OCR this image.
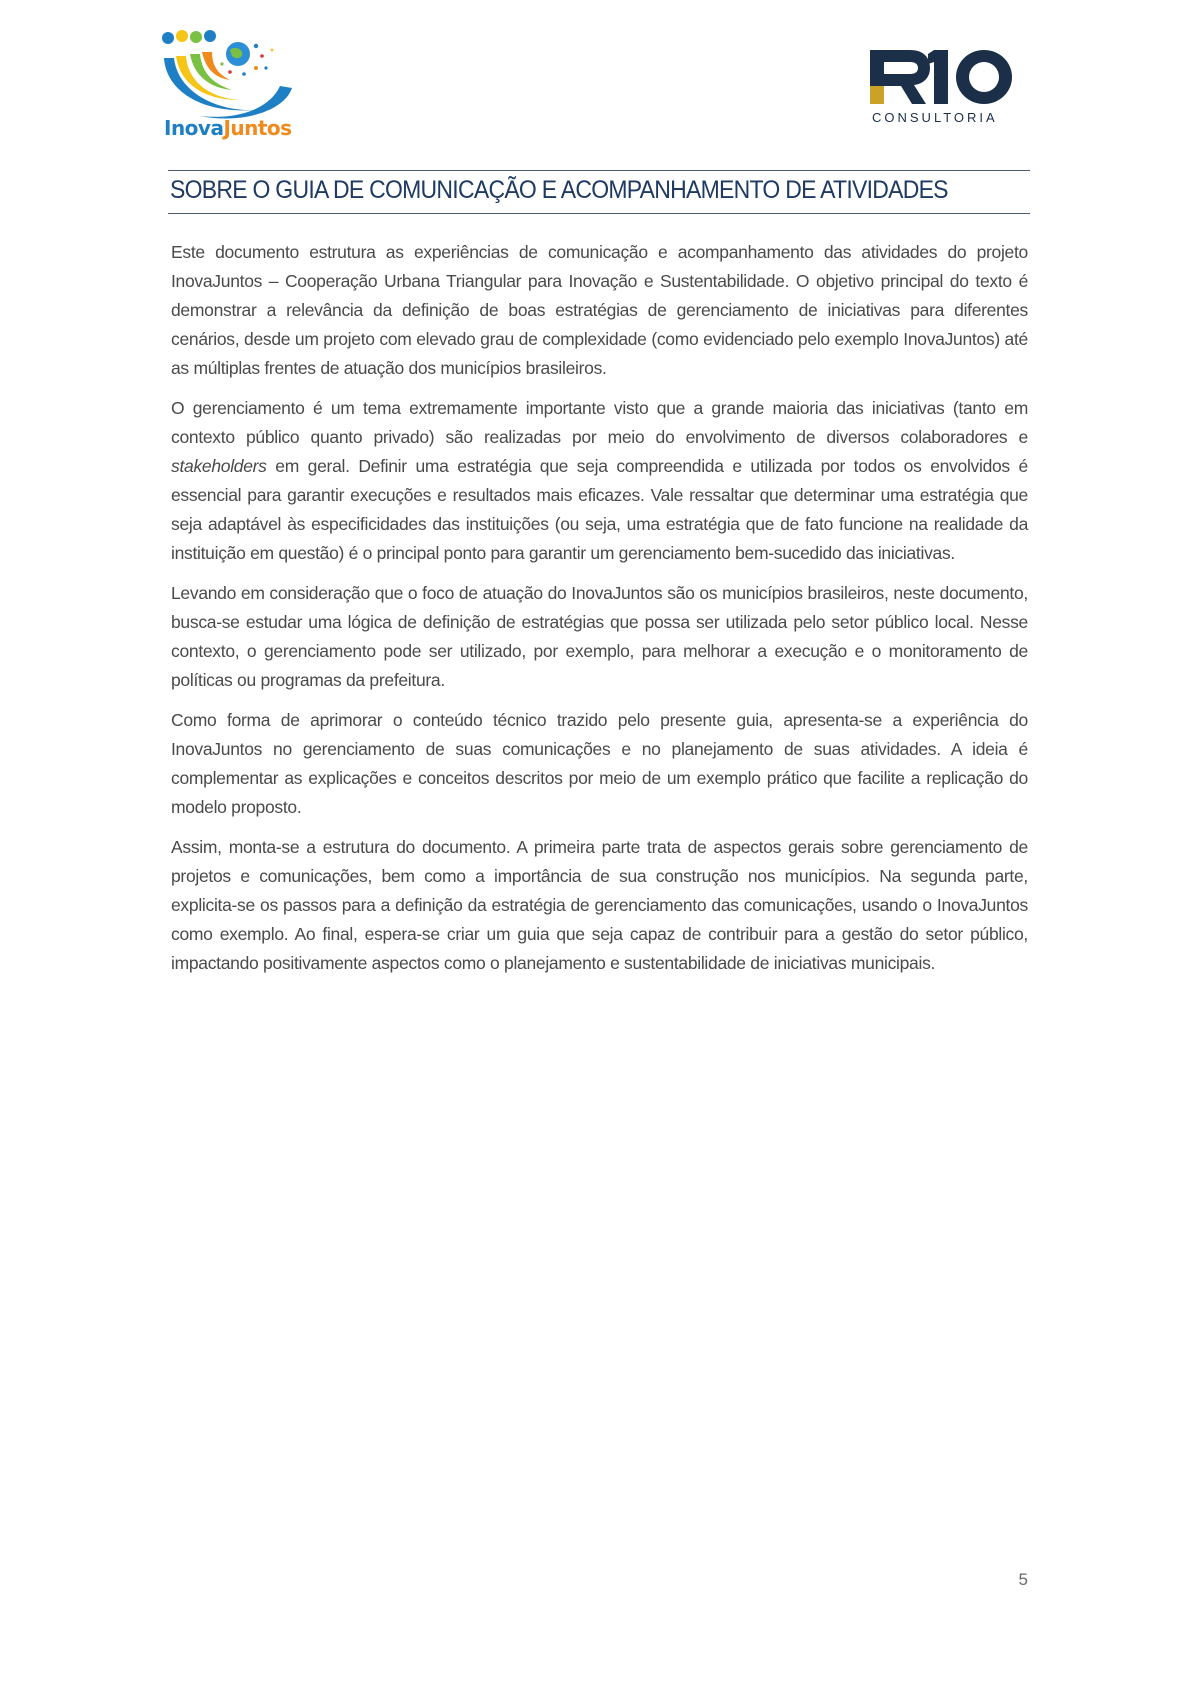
InovaJuntos	CONSULTORIA
SOBRE O GUIA DE COMUNICAÇÃO E ACOMPANHAMENTO DE ATIVIDADES

Este documento estrutura as experiências de comunicação e acompanhamento das atividades do projeto InovaJuntos – Cooperação Urbana Triangular para Inovação e Sustentabilidade. O objetivo principal do texto é demonstrar a relevância da definição de boas estratégias de gerenciamento de iniciativas para diferentes cenários, desde um projeto com elevado grau de complexidade (como evidenciado pelo exemplo InovaJuntos) até as múltiplas frentes de atuação dos municípios brasileiros.

O gerenciamento é um tema extremamente importante visto que a grande maioria das iniciativas (tanto em contexto público quanto privado) são realizadas por meio do envolvimento de diversos colaboradores e stakeholders em geral. Definir uma estratégia que seja compreendida e utilizada por todos os envolvidos é essencial para garantir execuções e resultados mais eficazes. Vale ressaltar que determinar uma estratégia que seja adaptável às especificidades das instituições (ou seja, uma estratégia que de fato funcione na realidade da instituição em questão) é o principal ponto para garantir um gerenciamento bem-sucedido das iniciativas.

Levando em consideração que o foco de atuação do InovaJuntos são os municípios brasileiros, neste documento, busca-se estudar uma lógica de definição de estratégias que possa ser utilizada pelo setor público local. Nesse contexto, o gerenciamento pode ser utilizado, por exemplo, para melhorar a execução e o monitoramento de políticas ou programas da prefeitura.

Como forma de aprimorar o conteúdo técnico trazido pelo presente guia, apresenta-se a experiência do InovaJuntos no gerenciamento de suas comunicações e no planejamento de suas atividades. A ideia é complementar as explicações e conceitos descritos por meio de um exemplo prático que facilite a replicação do modelo proposto.

Assim, monta-se a estrutura do documento. A primeira parte trata de aspectos gerais sobre gerenciamento de projetos e comunicações, bem como a importância de sua construção nos municípios. Na segunda parte, explicita-se os passos para a definição da estratégia de gerenciamento das comunicações, usando o InovaJuntos como exemplo. Ao final, espera-se criar um guia que seja capaz de contribuir para a gestão do setor público, impactando positivamente aspectos como o planejamento e sustentabilidade de iniciativas municipais.

5
